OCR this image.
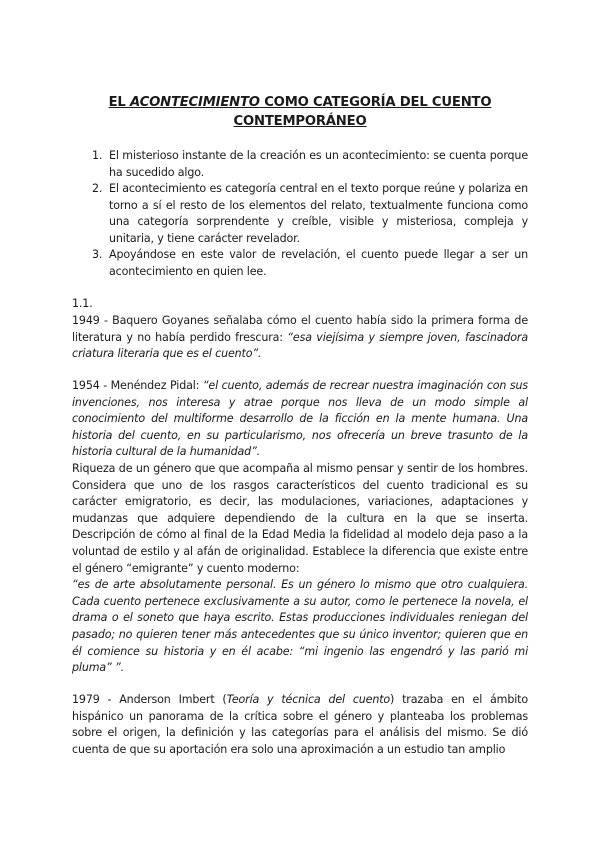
EL ACONTECIMIENTO COMO CATEGORÍA DEL CUENTO
CONTEMPORÁNEO
1. El misterioso instante de la creación es un acontecimiento: se cuenta porque ha sucedido algo.
2. El acontecimiento es categoría central en el texto porque reúne y polariza en torno a sí el resto de los elementos del relato, textualmente funciona como una categoría sorprendente y creíble, visible y misteriosa, compleja y unitaria, y tiene carácter revelador.
3. Apoyándose en este valor de revelación, el cuento puede llegar a ser un acontecimiento en quien lee.
1.1.
1949 - Baquero Goyanes señalaba cómo el cuento había sido la primera forma de literatura y no había perdido frescura: “esa viejísima y siempre joven, fascinadora criatura literaria que es el cuento”.

1954 - Menéndez Pidal: “el cuento, además de recrear nuestra imaginación con sus invenciones, nos interesa y atrae porque nos lleva de un modo simple al conocimiento del multiforme desarrollo de la ficción en la mente humana. Una historia del cuento, en su particularismo, nos ofrecería un breve trasunto de la historia cultural de la humanidad”.

Riqueza de un género que que acompaña al mismo pensar y sentir de los hombres. Considera que uno de los rasgos característicos del cuento tradicional es su carácter emigratorio, es decir, las modulaciones, variaciones, adaptaciones y mudanzas que adquiere dependiendo de la cultura en la que se inserta. Descripción de cómo al final de la Edad Media la fidelidad al modelo deja paso a la voluntad de estilo y al afán de originalidad. Establece la diferencia que existe entre el género “emigrante” y cuento moderno:

“es de arte absolutamente personal. Es un género lo mismo que otro cualquiera. Cada cuento pertenece exclusivamente a su autor, como le pertenece la novela, el drama o el soneto que haya escrito. Estas producciones individuales reniegan del pasado; no quieren tener más antecedentes que su único inventor; quieren que en él comience su historia y en él acabe: “mi ingenio las engendró y las parió mi pluma” ”.

1979 - Anderson Imbert (Teoría y técnica del cuento) trazaba en el ámbito hispánico un panorama de la crítica sobre el género y planteaba los problemas sobre el origen, la definición y las categorías para el análisis del mismo. Se dió cuenta de que su aportación era solo una aproximación a un estudio tan amplio
